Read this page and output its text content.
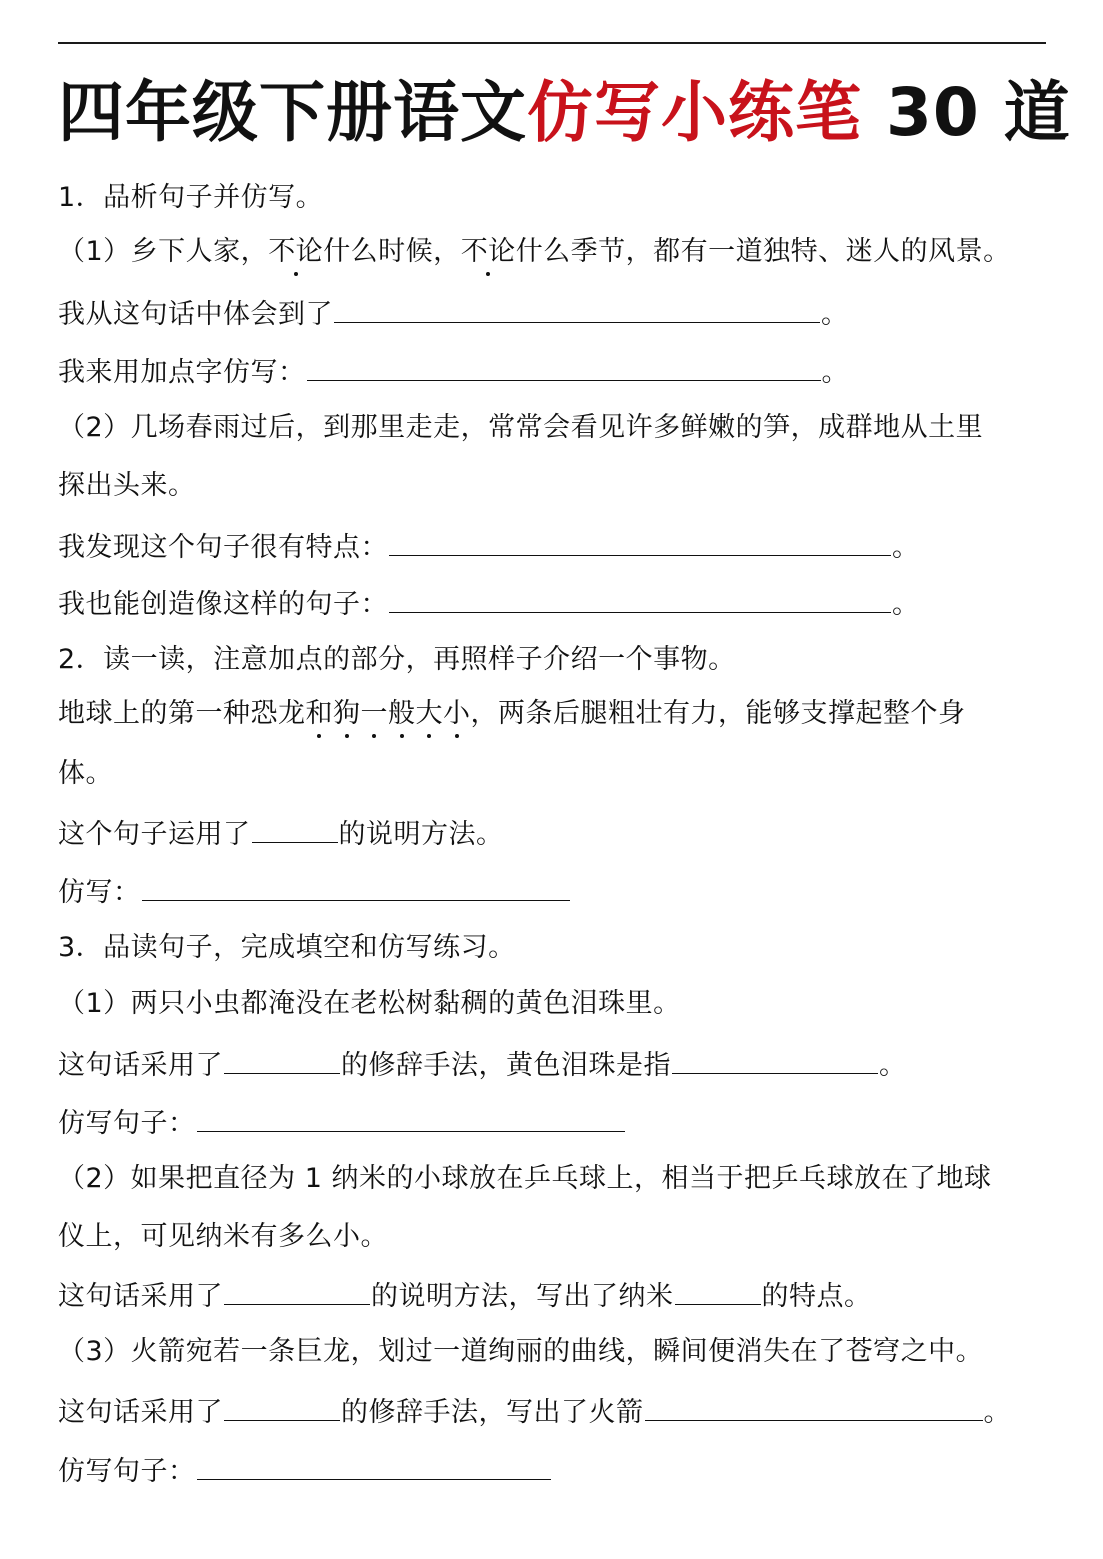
四年级下册语文仿写小练笔 30 道
1．品析句子并仿写。
（1）乡下人家，不论什么时候，不论什么季节，都有一道独特、迷人的风景。
我从这句话中体会到了	。
我来用加点字仿写：	。
（2）几场春雨过后，到那里走走，常常会看见许多鲜嫩的笋，成群地从土里
探出头来。
我发现这个句子很有特点：	。
我也能创造像这样的句子：	。
2．读一读，注意加点的部分，再照样子介绍一个事物。
地球上的第一种恐龙和狗一般大小，两条后腿粗壮有力，能够支撑起整个身
体。
这个句子运用了	的说明方法。
仿写：
3．品读句子，完成填空和仿写练习。
（1）两只小虫都淹没在老松树黏稠的黄色泪珠里。
这句话采用了	的修辞手法，黄色泪珠是指	。
仿写句子：
（2）如果把直径为 1 纳米的小球放在乒乓球上，相当于把乒乓球放在了地球
仪上，可见纳米有多么小。
这句话采用了	的说明方法，写出了纳米	的特点。
（3）火箭宛若一条巨龙，划过一道绚丽的曲线，瞬间便消失在了苍穹之中。
这句话采用了	的修辞手法，写出了火箭	。
仿写句子：
